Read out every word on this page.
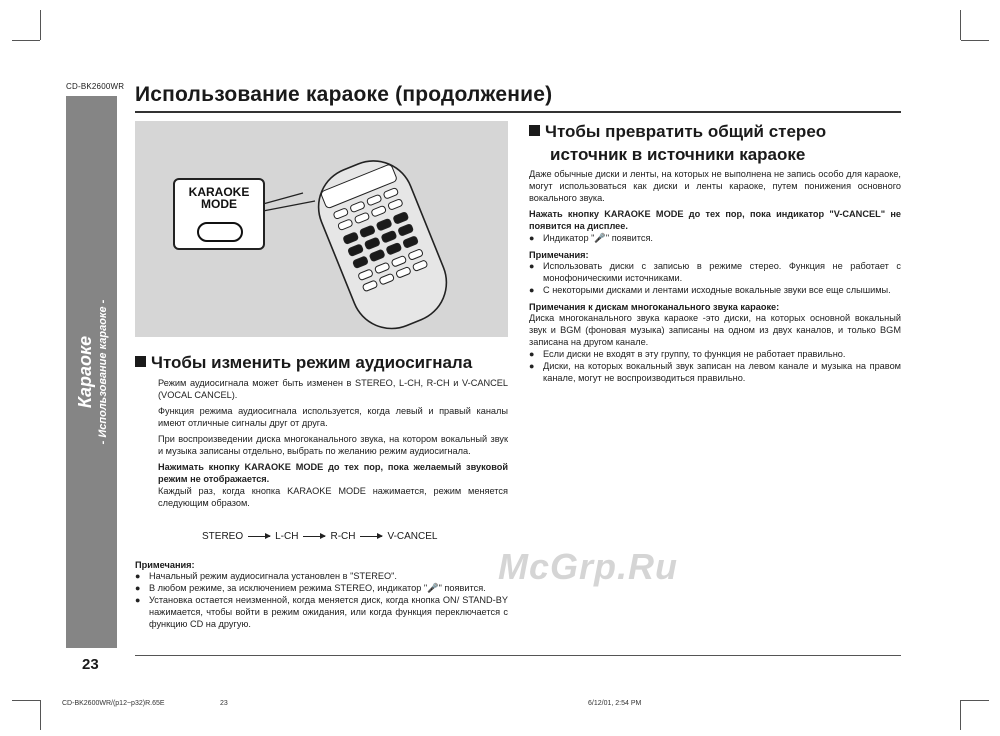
CD-BK2600WR Использование караоке (продолжение)
Караоке - Использование караоке -
KARAOKE
MODE
Чтобы изменить режим аудиосигнала
Режим аудиосигнала может быть изменен в STEREO, L-CH, R-CH и V-CANCEL (VOCAL CANCEL).
Функция режима аудиосигнала используется, когда левый и правый каналы имеют отличные сигналы друг от друга.
При воспроизведении диска многоканального звука, на котором вокальный звук и музыка записаны отдельно, выбрать по желанию режим аудиосигнала.
Нажимать кнопку KARAOKE MODE до тех пор, пока желаемый звуковой режим не отображается.
Каждый раз, когда кнопка KARAOKE MODE нажимается, режим меняется следующим образом.
STEREO	L-CH	R-CH	V-CANCEL
Примечания:
● Начальный режим аудиосигнала установлен в "STEREO".
● В любом режиме, за исключением режима STEREO, индикатор "🎤" появится.
● Установка остается неизменной, когда меняется диск, когда кнопка ON/ STAND-BY нажимается, чтобы войти в режим ожидания, или когда функция переключается с функцию CD на другую.
Чтобы превратить общий стерео
источник в источники караоке
Даже обычные диски и ленты, на которых не выполнена не запись особо для караоке, могут использоваться как диски и ленты караоке, путем понижения основного вокального звука.
Нажать кнопку KARAOKE MODE до тех пор, пока индикатор "V-CANCEL" не появится на дисплее.
● Индикатор "🎤" появится.
Примечания:
● Использовать диски с записью в режиме стерео. Функция не работает с монофоническими источниками.
● С некоторыми дисками и лентами исходные вокальные звуки все еще слышимы.
Примечания к дискам многоканального звука караоке:
Диска многоканального звука караоке -это диски, на которых основной вокальный звук и BGM (фоновая музыка) записаны на одном из двух каналов, и только BGM записана на другом канале.
● Если диски не входят в эту группу, то функция не работает правильно.
● Диски, на которых вокальный звук записан на левом канале и музыка на правом канале, могут не воспроизводиться правильно.
McGrp.Ru
23
CD-BK2600WR/(p12~p32)R.65E	23	6/12/01, 2:54 PM
